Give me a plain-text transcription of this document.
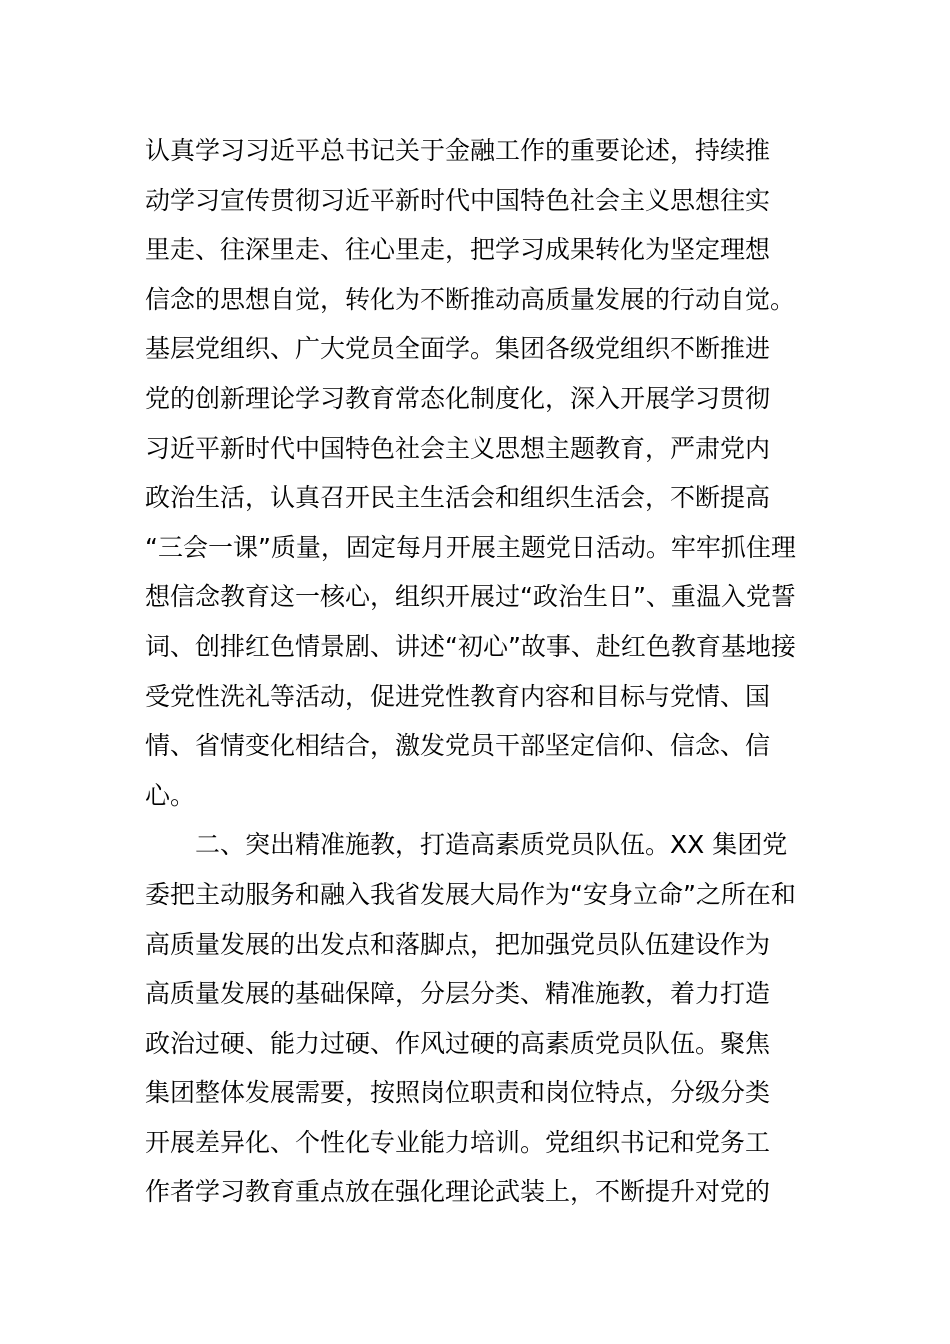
认真学习习近平总书记关于金融工作的重要论述，持续推
动学习宣传贯彻习近平新时代中国特色社会主义思想往实
里走、往深里走、往心里走，把学习成果转化为坚定理想
信念的思想自觉，转化为不断推动高质量发展的行动自觉。
基层党组织、广大党员全面学。集团各级党组织不断推进
党的创新理论学习教育常态化制度化，深入开展学习贯彻
习近平新时代中国特色社会主义思想主题教育，严肃党内
政治生活，认真召开民主生活会和组织生活会，不断提高
“三会一课”质量，固定每月开展主题党日活动。牢牢抓住理
想信念教育这一核心，组织开展过“政治生日”、重温入党誓
词、创排红色情景剧、讲述“初心”故事、赴红色教育基地接
受党性洗礼等活动，促进党性教育内容和目标与党情、国
情、省情变化相结合，激发党员干部坚定信仰、信念、信
心。
二、突出精准施教，打造高素质党员队伍。XX 集团党
委把主动服务和融入我省发展大局作为“安身立命”之所在和
高质量发展的出发点和落脚点，把加强党员队伍建设作为
高质量发展的基础保障，分层分类、精准施教，着力打造
政治过硬、能力过硬、作风过硬的高素质党员队伍。聚焦
集团整体发展需要，按照岗位职责和岗位特点，分级分类
开展差异化、个性化专业能力培训。党组织书记和党务工
作者学习教育重点放在强化理论武装上，不断提升对党的
